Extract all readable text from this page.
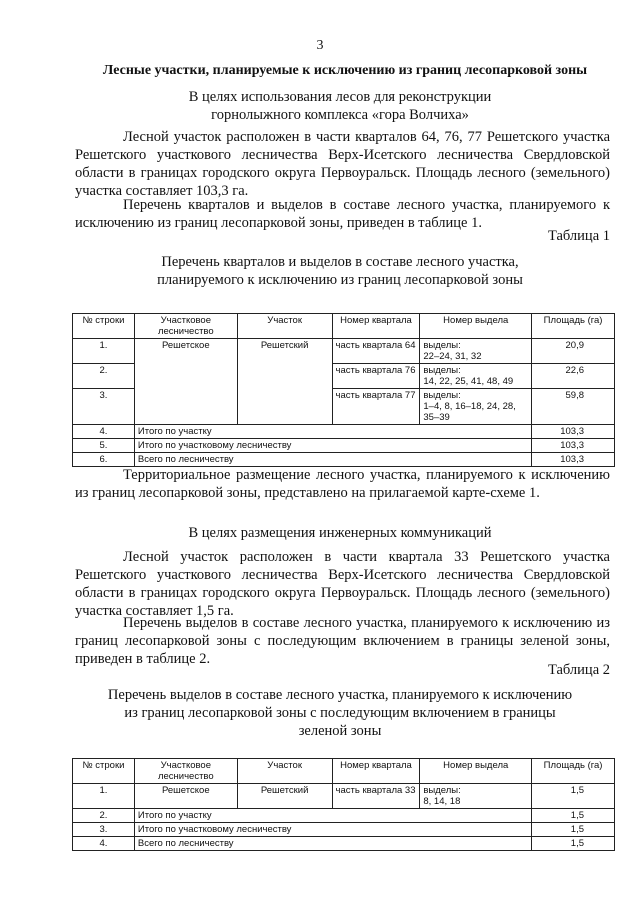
3
Лесные участки, планируемые к исключению из границ лесопарковой зоны
В целях использования лесов для реконструкции
горнолыжного комплекса «гора Волчиха»
Лесной участок расположен в части кварталов 64, 76, 77 Решетского участка Решетского участкового лесничества Верх-Исетского лесничества Свердловской области в границах городского округа Первоуральск. Площадь лесного (земельного) участка составляет 103,3 га.
Перечень кварталов и выделов в составе лесного участка, планируемого к исключению из границ лесопарковой зоны, приведен в таблице 1.
Таблица 1
Перечень кварталов и выделов в составе лесного участка,
планируемого к исключению из границ лесопарковой зоны
№ строки	Участковое лесничество	Участок	Номер квартала	Номер выдела	Площадь (га)
1.	Решетское	Решетский	часть квартала 64	выделы:
22–24, 31, 32	20,9
2.			часть квартала 76	выделы:
14, 22, 25, 41, 48, 49	22,6
3.			часть квартала 77	выделы:
1–4, 8, 16–18, 24, 28, 35–39	59,8
4.	Итого по участку				103,3
5.	Итого по участковому лесничеству				103,3
6.	Всего по лесничеству				103,3
Территориальное размещение лесного участка, планируемого к исключению из границ лесопарковой зоны, представлено на прилагаемой карте-схеме 1.
В целях размещения инженерных коммуникаций
Лесной участок расположен в части квартала 33 Решетского участка Решетского участкового лесничества Верх-Исетского лесничества Свердловской области в границах городского округа Первоуральск. Площадь лесного (земельного) участка составляет 1,5 га.
Перечень выделов в составе лесного участка, планируемого к исключению из границ лесопарковой зоны с последующим включением в границы зеленой зоны, приведен в таблице 2.
Таблица 2
Перечень выделов в составе лесного участка, планируемого к исключению
из границ лесопарковой зоны с последующим включением в границы
зеленой зоны
№ строки	Участковое лесничество	Участок	Номер квартала	Номер выдела	Площадь (га)
1.	Решетское	Решетский	часть квартала 33	выделы:
8, 14, 18	1,5
2.	Итого по участку				1,5
3.	Итого по участковому лесничеству				1,5
4.	Всего по лесничеству				1,5
